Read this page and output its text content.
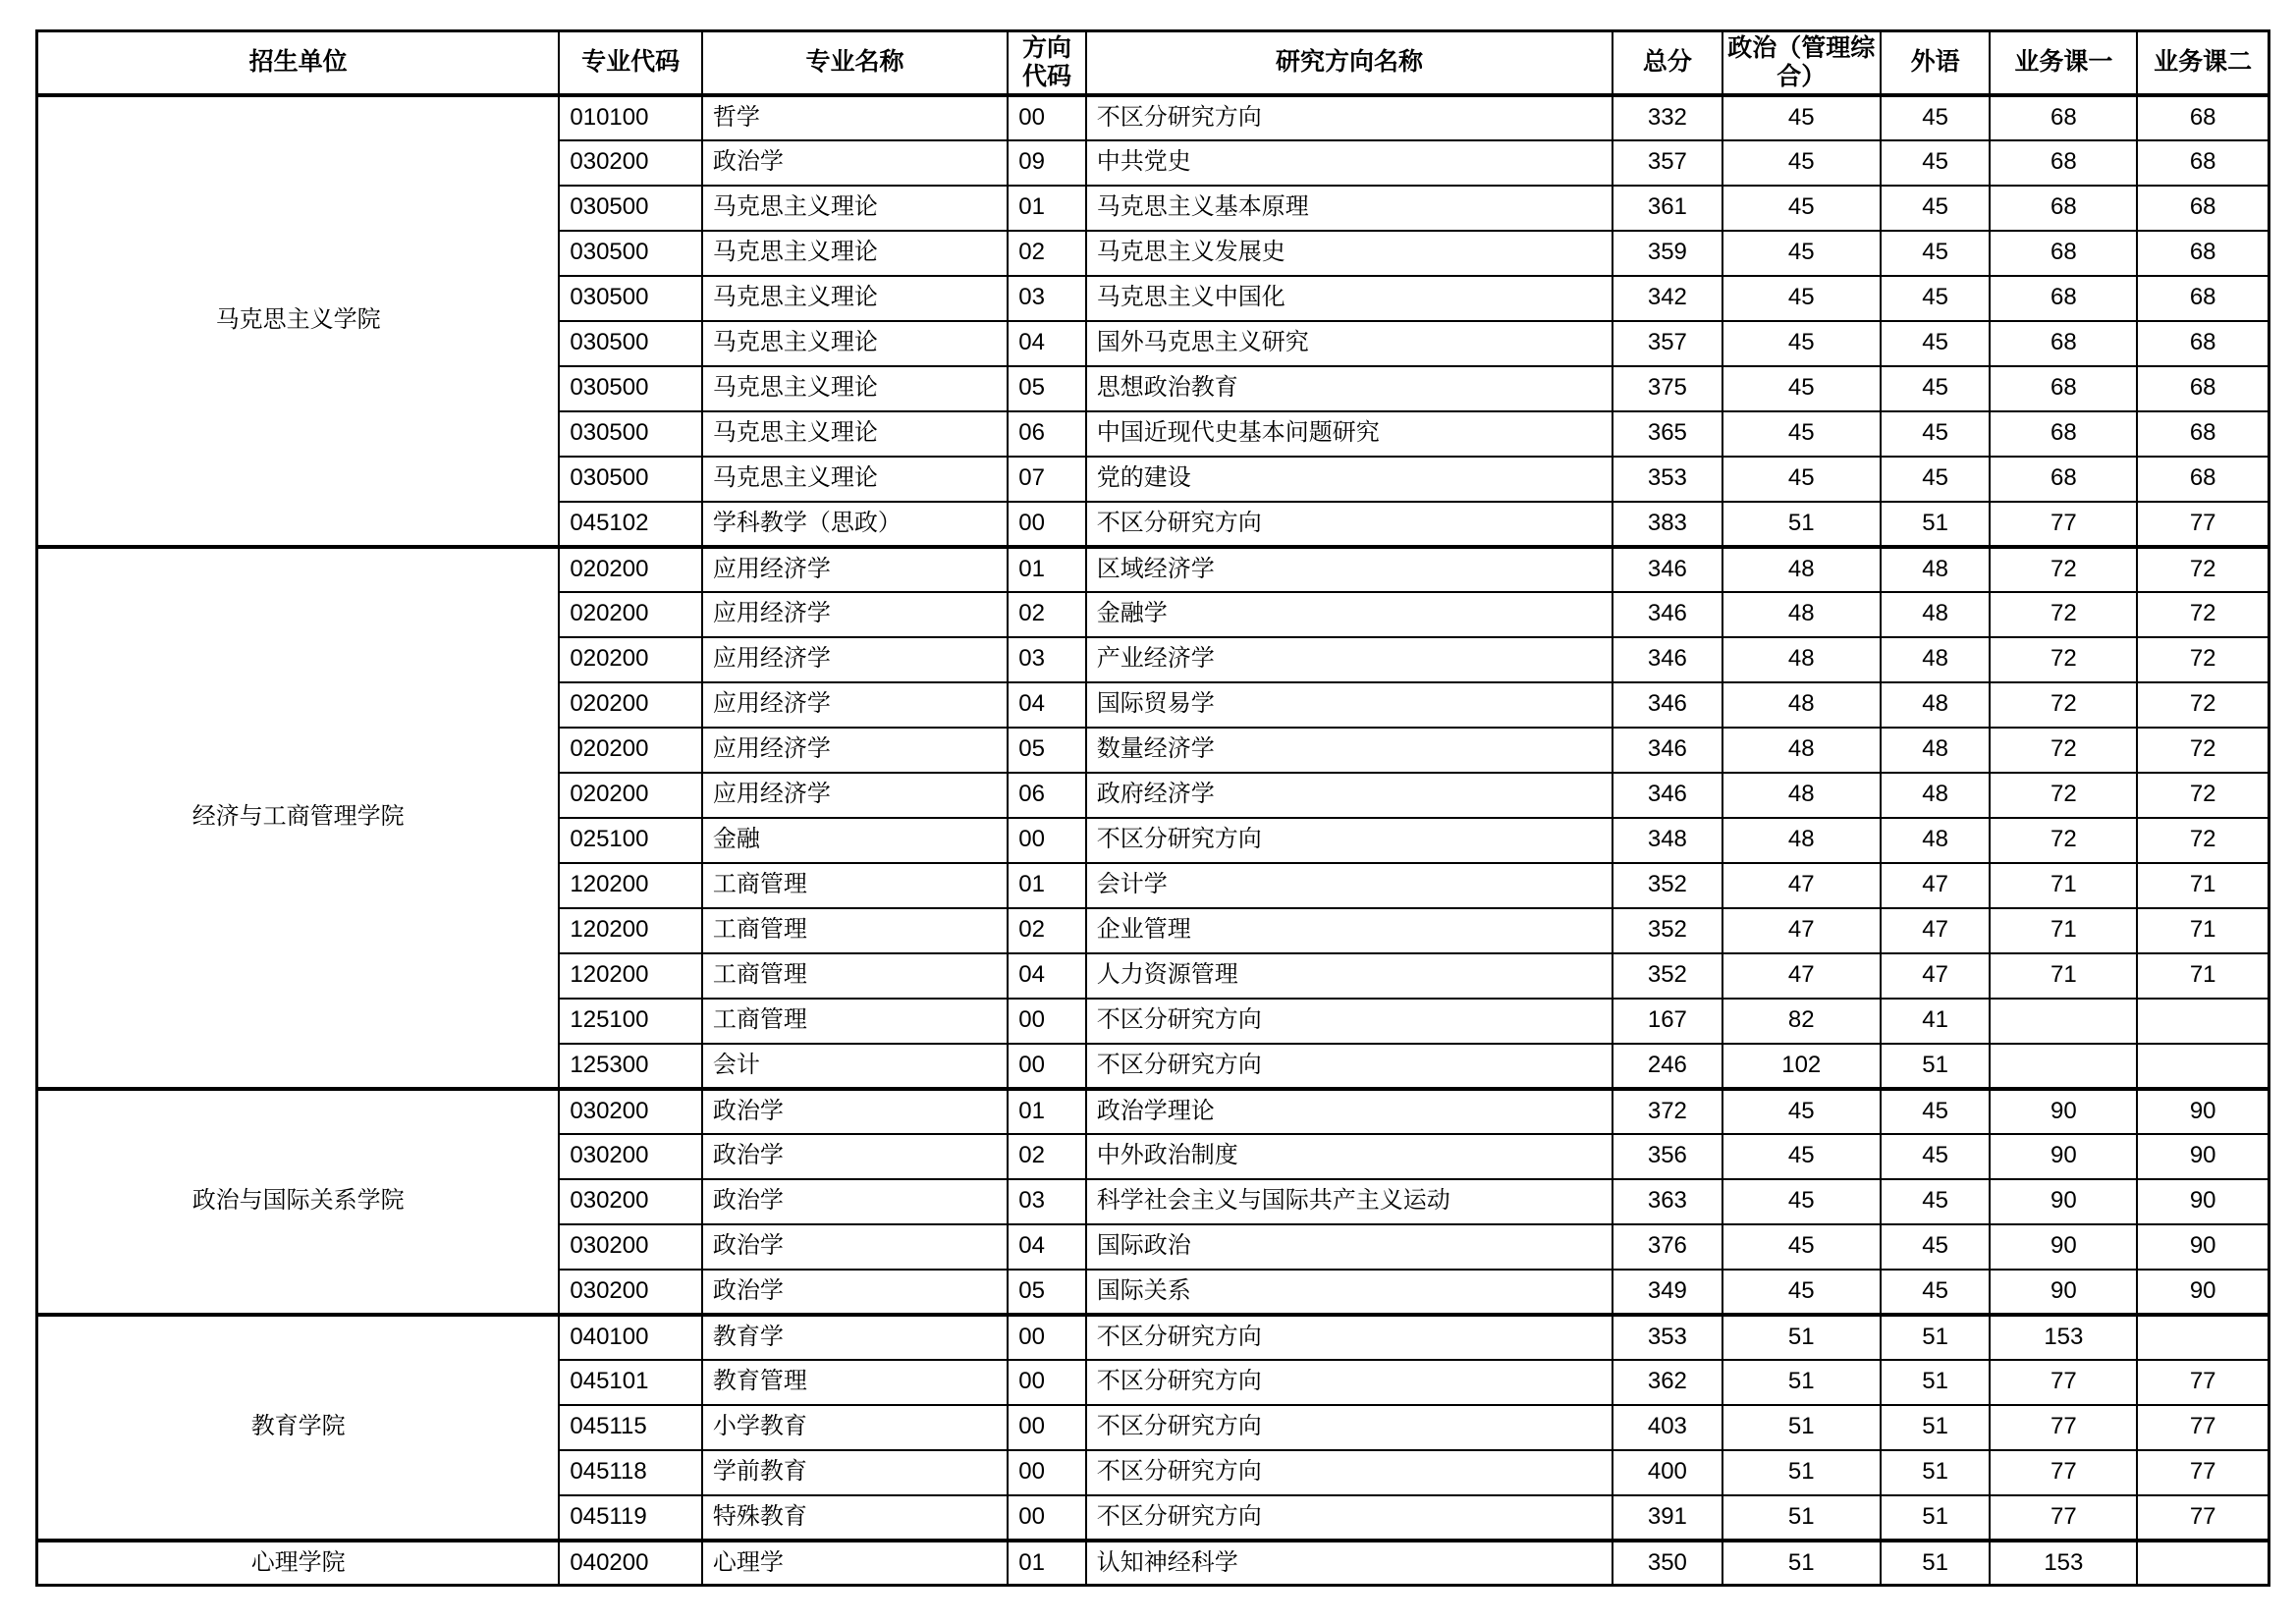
招生单位	专业代码	专业名称	方向代码	研究方向名称	总分	政治（管理综合）	外语	业务课一	业务课二
马克思主义学院	010100	哲学	00	不区分研究方向	332	45	45	68	68
	030200	政治学	09	中共党史	357	45	45	68	68
	030500	马克思主义理论	01	马克思主义基本原理	361	45	45	68	68
	030500	马克思主义理论	02	马克思主义发展史	359	45	45	68	68
	030500	马克思主义理论	03	马克思主义中国化	342	45	45	68	68
	030500	马克思主义理论	04	国外马克思主义研究	357	45	45	68	68
	030500	马克思主义理论	05	思想政治教育	375	45	45	68	68
	030500	马克思主义理论	06	中国近现代史基本问题研究	365	45	45	68	68
	030500	马克思主义理论	07	党的建设	353	45	45	68	68
	045102	学科教学（思政）	00	不区分研究方向	383	51	51	77	77
经济与工商管理学院	020200	应用经济学	01	区域经济学	346	48	48	72	72
	020200	应用经济学	02	金融学	346	48	48	72	72
	020200	应用经济学	03	产业经济学	346	48	48	72	72
	020200	应用经济学	04	国际贸易学	346	48	48	72	72
	020200	应用经济学	05	数量经济学	346	48	48	72	72
	020200	应用经济学	06	政府经济学	346	48	48	72	72
	025100	金融	00	不区分研究方向	348	48	48	72	72
	120200	工商管理	01	会计学	352	47	47	71	71
	120200	工商管理	02	企业管理	352	47	47	71	71
	120200	工商管理	04	人力资源管理	352	47	47	71	71
	125100	工商管理	00	不区分研究方向	167	82	41		
	125300	会计	00	不区分研究方向	246	102	51		
政治与国际关系学院	030200	政治学	01	政治学理论	372	45	45	90	90
	030200	政治学	02	中外政治制度	356	45	45	90	90
	030200	政治学	03	科学社会主义与国际共产主义运动	363	45	45	90	90
	030200	政治学	04	国际政治	376	45	45	90	90
	030200	政治学	05	国际关系	349	45	45	90	90
教育学院	040100	教育学	00	不区分研究方向	353	51	51	153	
	045101	教育管理	00	不区分研究方向	362	51	51	77	77
	045115	小学教育	00	不区分研究方向	403	51	51	77	77
	045118	学前教育	00	不区分研究方向	400	51	51	77	77
	045119	特殊教育	00	不区分研究方向	391	51	51	77	77
心理学院	040200	心理学	01	认知神经科学	350	51	51	153	
